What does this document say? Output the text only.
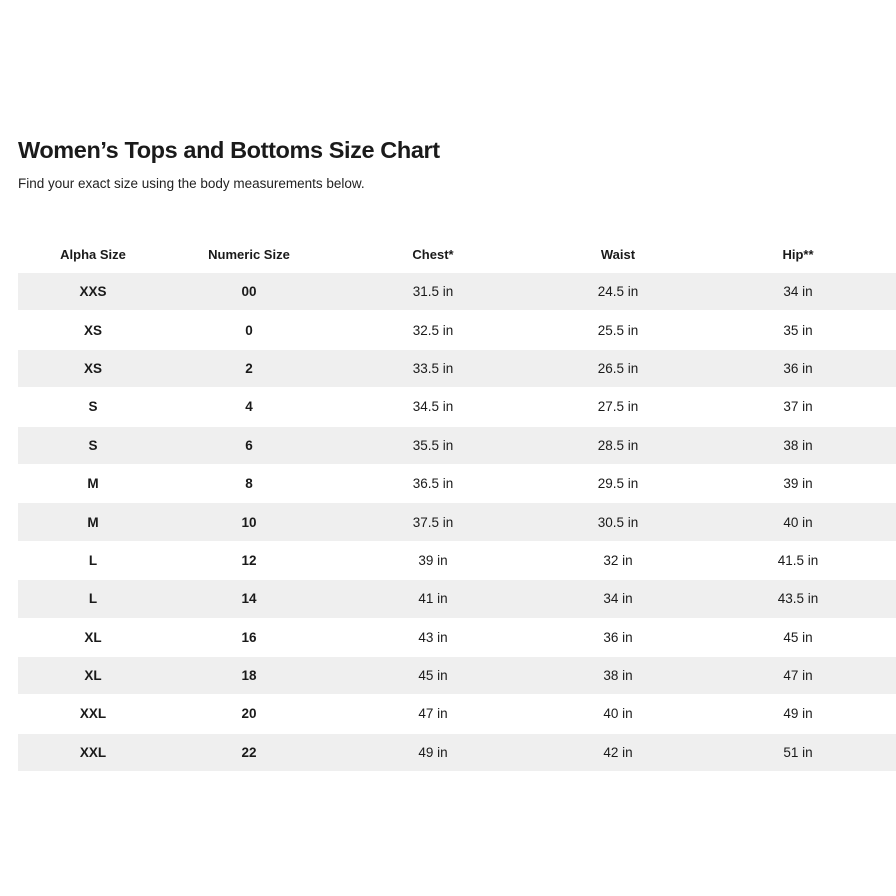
Women’s Tops and Bottoms Size Chart

Find your exact size using the body measurements below.

Alpha Size	Numeric Size	Chest*	Waist	Hip**
XXS	00	31.5 in	24.5 in	34 in
XS	0	32.5 in	25.5 in	35 in
XS	2	33.5 in	26.5 in	36 in
S	4	34.5 in	27.5 in	37 in
S	6	35.5 in	28.5 in	38 in
M	8	36.5 in	29.5 in	39 in
M	10	37.5 in	30.5 in	40 in
L	12	39 in	32 in	41.5 in
L	14	41 in	34 in	43.5 in
XL	16	43 in	36 in	45 in
XL	18	45 in	38 in	47 in
XXL	20	47 in	40 in	49 in
XXL	22	49 in	42 in	51 in
